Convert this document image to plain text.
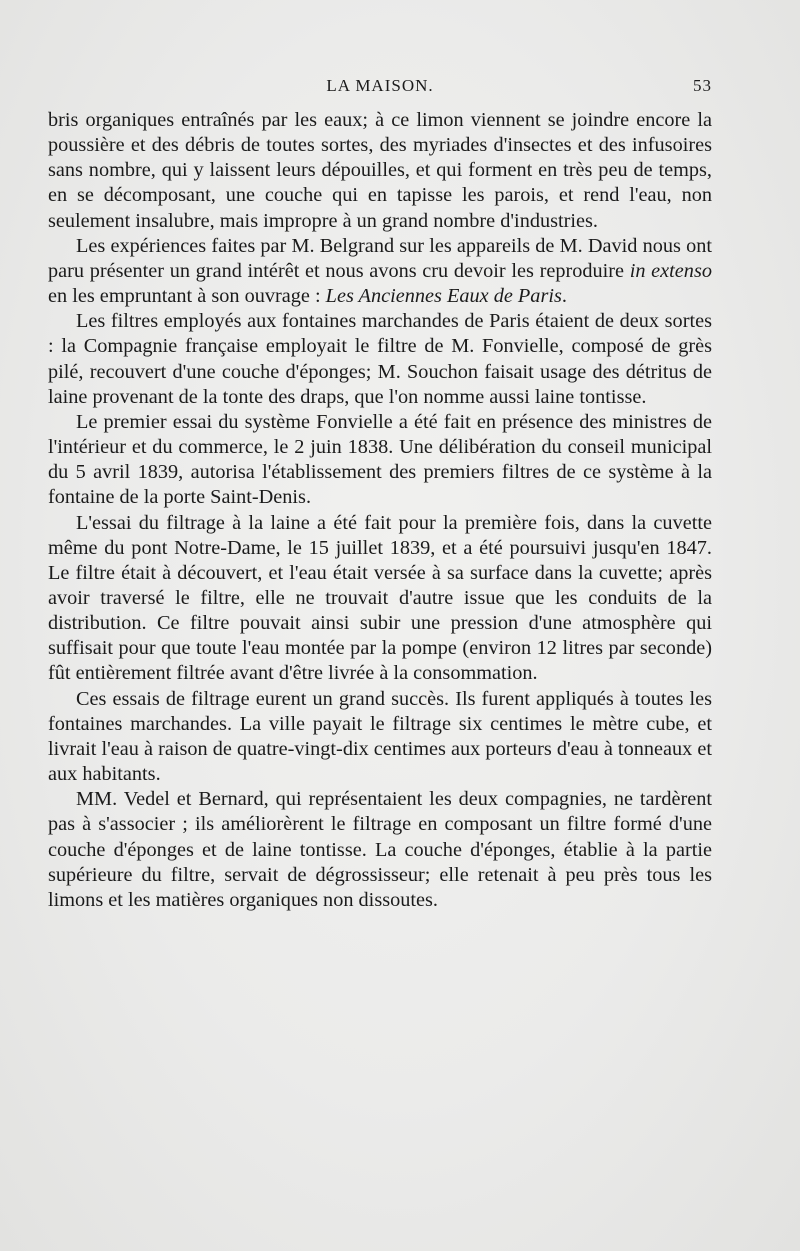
LA MAISON.	53

bris organiques entraînés par les eaux; à ce limon viennent se joindre encore la poussière et des débris de toutes sortes, des myriades d'insectes et des infusoires sans nombre, qui y laissent leurs dépouilles, et qui forment en très peu de temps, en se décomposant, une couche qui en tapisse les parois, et rend l'eau, non seulement insalubre, mais impropre à un grand nombre d'industries.

Les expériences faites par M. Belgrand sur les appareils de M. David nous ont paru présenter un grand intérêt et nous avons cru devoir les reproduire in extenso en les empruntant à son ouvrage : Les Anciennes Eaux de Paris.

Les filtres employés aux fontaines marchandes de Paris étaient de deux sortes : la Compagnie française employait le filtre de M. Fonvielle, composé de grès pilé, recouvert d'une couche d'éponges; M. Souchon faisait usage des détritus de laine provenant de la tonte des draps, que l'on nomme aussi laine tontisse.

Le premier essai du système Fonvielle a été fait en présence des ministres de l'intérieur et du commerce, le 2 juin 1838. Une délibération du conseil municipal du 5 avril 1839, autorisa l'établissement des premiers filtres de ce système à la fontaine de la porte Saint-Denis.

L'essai du filtrage à la laine a été fait pour la première fois, dans la cuvette même du pont Notre-Dame, le 15 juillet 1839, et a été poursuivi jusqu'en 1847. Le filtre était à découvert, et l'eau était versée à sa surface dans la cuvette; après avoir traversé le filtre, elle ne trouvait d'autre issue que les conduits de la distribution. Ce filtre pouvait ainsi subir une pression d'une atmosphère qui suffisait pour que toute l'eau montée par la pompe (environ 12 litres par seconde) fût entièrement filtrée avant d'être livrée à la consommation.

Ces essais de filtrage eurent un grand succès. Ils furent appliqués à toutes les fontaines marchandes. La ville payait le filtrage six centimes le mètre cube, et livrait l'eau à raison de quatre-vingt-dix centimes aux porteurs d'eau à tonneaux et aux habitants.

MM. Vedel et Bernard, qui représentaient les deux compagnies, ne tardèrent pas à s'associer ; ils améliorèrent le filtrage en composant un filtre formé d'une couche d'éponges et de laine tontisse. La couche d'éponges, établie à la partie supérieure du filtre, servait de dégrossisseur; elle retenait à peu près tous les limons et les matières organiques non dissoutes.
